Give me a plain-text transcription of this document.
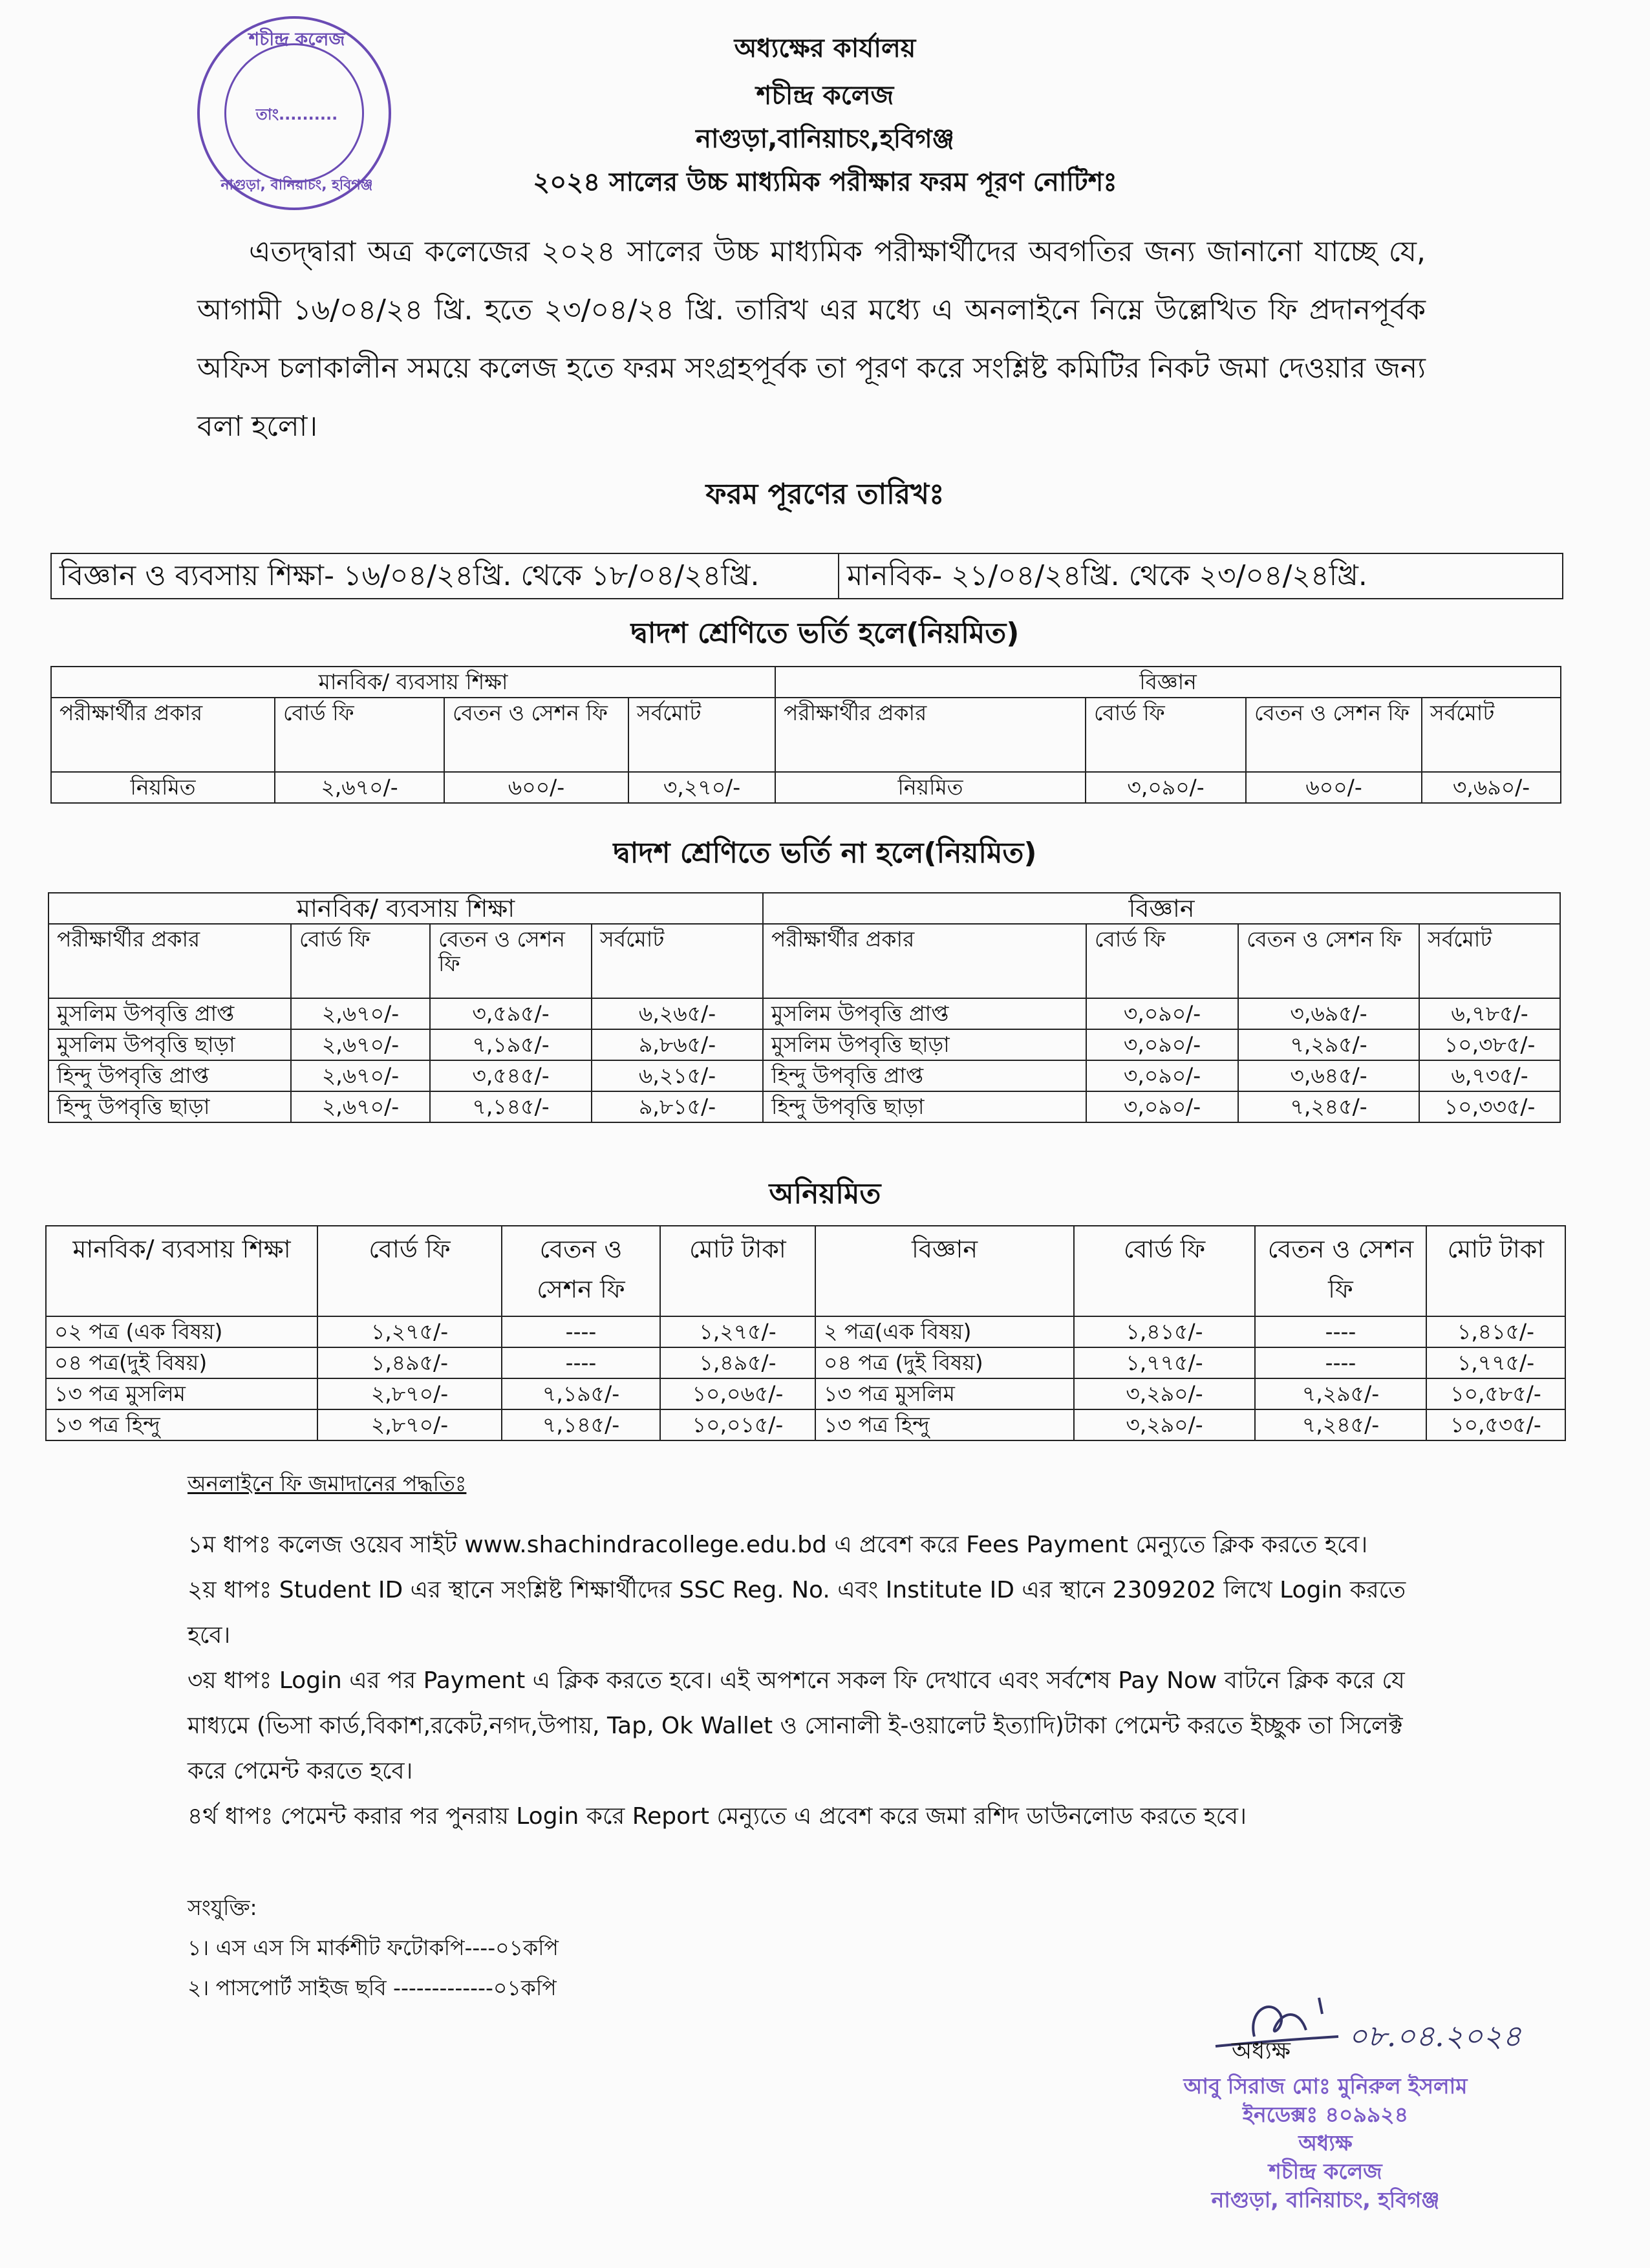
শচীন্দ্র কলেজ
তাং..........
নাগুড়া, বানিয়াচং, হবিগঞ্জ
অধ্যক্ষের কার্যালয়
শচীন্দ্র কলেজ
নাগুড়া,বানিয়াচং,হবিগঞ্জ
২০২৪ সালের উচ্চ মাধ্যমিক পরীক্ষার ফরম পূরণ নোটিশঃ

এতদ্দ্বারা অত্র কলেজের ২০২৪ সালের উচ্চ মাধ্যমিক পরীক্ষার্থীদের অবগতির জন্য জানানো যাচ্ছে যে, আগামী ১৬/০৪/২৪ খ্রি. হতে ২৩/০৪/২৪ খ্রি. তারিখ এর মধ্যে এ অনলাইনে নিম্নে উল্লেখিত ফি প্রদানপূর্বক অফিস চলাকালীন সময়ে কলেজ হতে ফরম সংগ্রহপূর্বক তা পূরণ করে সংশ্লিষ্ট কমিটির নিকট জমা দেওয়ার জন্য বলা হলো।

ফরম পূরণের তারিখঃ
বিজ্ঞান ও ব্যবসায় শিক্ষা- ১৬/০৪/২৪খ্রি. থেকে ১৮/০৪/২৪খ্রি.	মানবিক- ২১/০৪/২৪খ্রি. থেকে ২৩/০৪/২৪খ্রি.
দ্বাদশ শ্রেণিতে ভর্তি হলে(নিয়মিত)
মানবিক/ ব্যবসায় শিক্ষা				বিজ্ঞান			
পরীক্ষার্থীর প্রকার	বোর্ড ফি	বেতন ও সেশন ফি	সর্বমোট	পরীক্ষার্থীর প্রকার	বোর্ড ফি	বেতন ও সেশন ফি	সর্বমোট
নিয়মিত	২,৬৭০/-	৬০০/-	৩,২৭০/-	নিয়মিত	৩,০৯০/-	৬০০/-	৩,৬৯০/-
দ্বাদশ শ্রেণিতে ভর্তি না হলে(নিয়মিত)
মানবিক/ ব্যবসায় শিক্ষা				বিজ্ঞান			
পরীক্ষার্থীর প্রকার	বোর্ড ফি	বেতন ও সেশন ফি	সর্বমোট	পরীক্ষার্থীর প্রকার	বোর্ড ফি	বেতন ও সেশন ফি	সর্বমোট
মুসলিম উপবৃত্তি প্রাপ্ত	২,৬৭০/-	৩,৫৯৫/-	৬,২৬৫/-	মুসলিম উপবৃত্তি প্রাপ্ত	৩,০৯০/-	৩,৬৯৫/-	৬,৭৮৫/-
মুসলিম উপবৃত্তি ছাড়া	২,৬৭০/-	৭,১৯৫/-	৯,৮৬৫/-	মুসলিম উপবৃত্তি ছাড়া	৩,০৯০/-	৭,২৯৫/-	১০,৩৮৫/-
হিন্দু উপবৃত্তি প্রাপ্ত	২,৬৭০/-	৩,৫৪৫/-	৬,২১৫/-	হিন্দু উপবৃত্তি প্রাপ্ত	৩,০৯০/-	৩,৬৪৫/-	৬,৭৩৫/-
হিন্দু উপবৃত্তি ছাড়া	২,৬৭০/-	৭,১৪৫/-	৯,৮১৫/-	হিন্দু উপবৃত্তি ছাড়া	৩,০৯০/-	৭,২৪৫/-	১০,৩৩৫/-
অনিয়মিত
মানবিক/ ব্যবসায় শিক্ষা	বোর্ড ফি	বেতন ও সেশন ফি	মোট টাকা	বিজ্ঞান	বোর্ড ফি	বেতন ও সেশন ফি	মোট টাকা
০২ পত্র (এক বিষয়)	১,২৭৫/-	----	১,২৭৫/-	২ পত্র(এক বিষয়)	১,৪১৫/-	----	১,৪১৫/-
০৪ পত্র(দুই বিষয়)	১,৪৯৫/-	----	১,৪৯৫/-	০৪ পত্র (দুই বিষয়)	১,৭৭৫/-	----	১,৭৭৫/-
১৩ পত্র মুসলিম	২,৮৭০/-	৭,১৯৫/-	১০,০৬৫/-	১৩ পত্র মুসলিম	৩,২৯০/-	৭,২৯৫/-	১০,৫৮৫/-
১৩ পত্র হিন্দু	২,৮৭০/-	৭,১৪৫/-	১০,০১৫/-	১৩ পত্র হিন্দু	৩,২৯০/-	৭,২৪৫/-	১০,৫৩৫/-
অনলাইনে ফি জমাদানের পদ্ধতিঃ
১ম ধাপঃ কলেজ ওয়েব সাইট www.shachindracollege.edu.bd এ প্রবেশ করে Fees Payment মেন্যুতে ক্লিক করতে হবে।
২য় ধাপঃ Student ID এর স্থানে সংশ্লিষ্ট শিক্ষার্থীদের SSC Reg. No. এবং Institute ID এর স্থানে 2309202 লিখে Login করতে হবে।
৩য় ধাপঃ Login এর পর Payment এ ক্লিক করতে হবে। এই অপশনে সকল ফি দেখাবে এবং সর্বশেষ Pay Now বাটনে ক্লিক করে যে মাধ্যমে (ভিসা কার্ড,বিকাশ,রকেট,নগদ,উপায়, Tap, Ok Wallet ও সোনালী ই-ওয়ালেট ইত্যাদি)টাকা পেমেন্ট করতে ইচ্ছুক তা সিলেক্ট করে পেমেন্ট করতে হবে।
৪র্থ ধাপঃ পেমেন্ট করার পর পুনরায় Login করে Report মেন্যুতে এ প্রবেশ করে জমা রশিদ ডাউনলোড করতে হবে।
সংযুক্তি:
১। এস এস সি মার্কশীট ফটোকপি----০১কপি
২। পাসপোর্ট সাইজ ছবি -------------০১কপি
অধ্যক্ষ ০৮.০৪.২০২৪
আবু সিরাজ মোঃ মুনিরুল ইসলাম
ইনডেক্সঃ ৪০৯৯২৪
অধ্যক্ষ
শচীন্দ্র কলেজ
নাগুড়া, বানিয়াচং, হবিগঞ্জ
